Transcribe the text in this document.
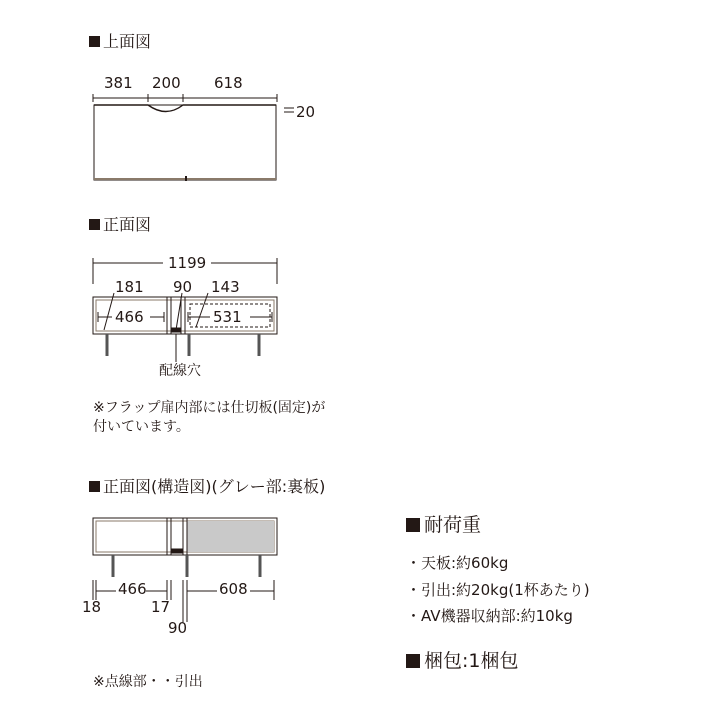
上面図
381 200 618
20
正面図
1199
181 90 143
466	531
配線穴
※フラップ扉内部には仕切板(固定)が
付いています。
正面図(構造図)(グレー部:裏板)
466	608
18	17
90
※点線部・・引出
耐荷重
・天板:約60kg
・引出:約20kg(1杯あたり)
・AV機器収納部:約10kg
梱包:1梱包
